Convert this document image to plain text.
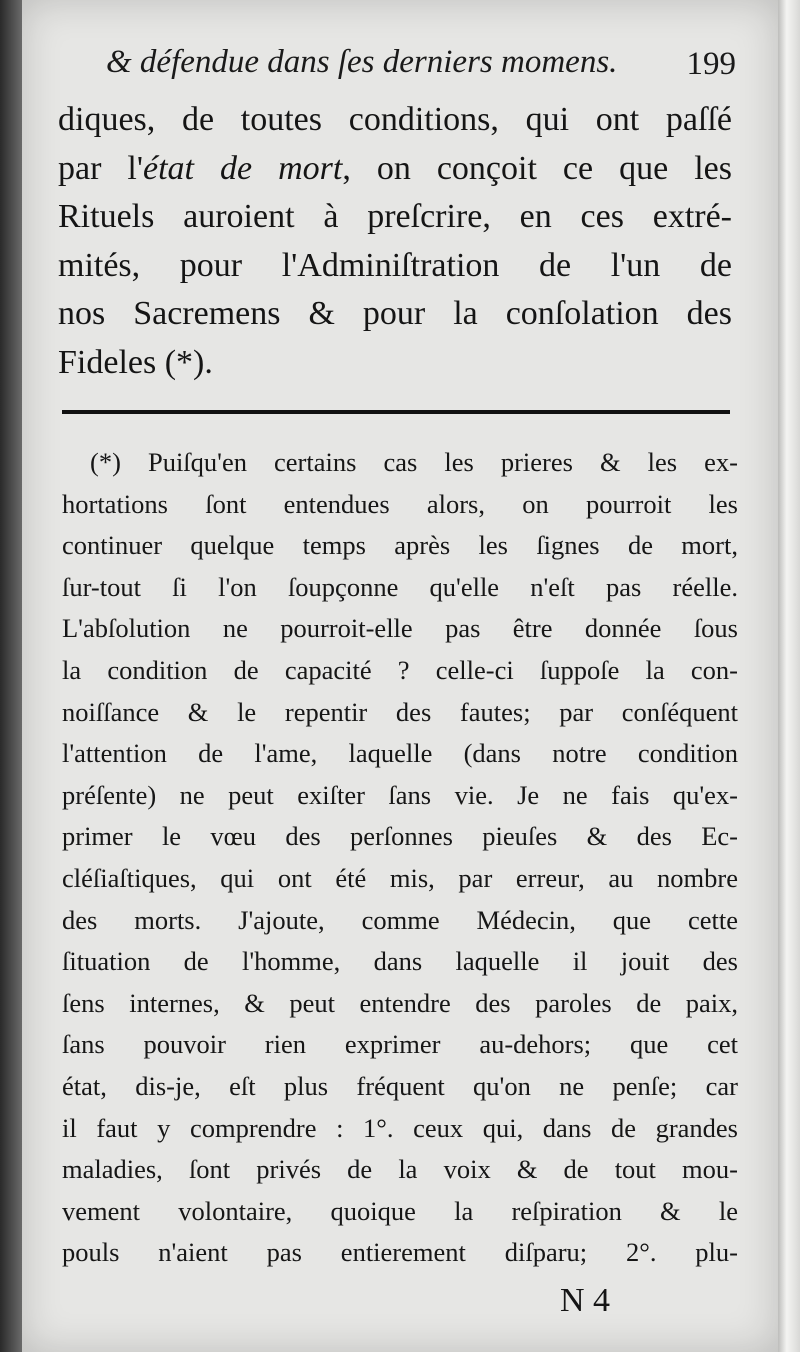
& défendue dans ſes derniers momens. 199
diques, de toutes conditions, qui ont paſſé
par l'état de mort, on conçoit ce que les
Rituels auroient à preſcrire, en ces extré-
mités, pour l'Adminiſtration de l'un de
nos Sacremens & pour la conſolation des
Fideles (*).
(*) Puiſqu'en certains cas les prieres & les ex-
hortations ſont entendues alors, on pourroit les
continuer quelque temps après les ſignes de mort,
ſur-tout ſi l'on ſoupçonne qu'elle n'eſt pas réelle.
L'abſolution ne pourroit-elle pas être donnée ſous
la condition de capacité ? celle-ci ſuppoſe la con-
noiſſance & le repentir des fautes; par conſéquent
l'attention de l'ame, laquelle (dans notre condition
préſente) ne peut exiſter ſans vie. Je ne fais qu'ex-
primer le vœu des perſonnes pieuſes & des Ec-
cléſiaſtiques, qui ont été mis, par erreur, au nombre
des morts. J'ajoute, comme Médecin, que cette
ſituation de l'homme, dans laquelle il jouit des
ſens internes, & peut entendre des paroles de paix,
ſans pouvoir rien exprimer au-dehors; que cet
état, dis-je, eſt plus fréquent qu'on ne penſe; car
il faut y comprendre : 1°. ceux qui, dans de grandes
maladies, ſont privés de la voix & de tout mou-
vement volontaire, quoique la reſpiration & le
pouls n'aient pas entierement diſparu; 2°. plu-
N 4
